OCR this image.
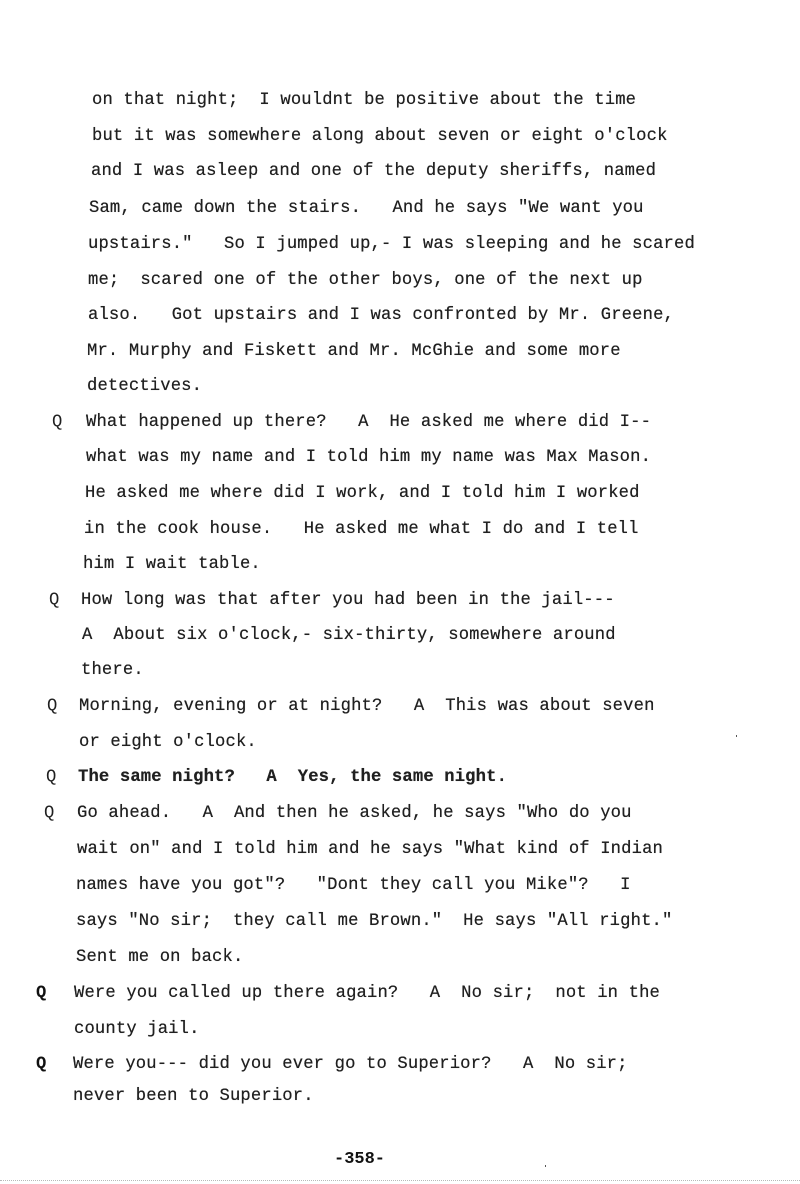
on that night;  I wouldnt be positive about the time
but it was somewhere along about seven or eight o'clock
and I was asleep and one of the deputy sheriffs, named
Sam, came down the stairs.   And he says "We want you
upstairs."   So I jumped up,- I was sleeping and he scared
me;  scared one of the other boys, one of the next up
also.   Got upstairs and I was confronted by Mr. Greene,
Mr. Murphy and Fiskett and Mr. McGhie and some more
detectives.
Q What happened up there?   A  He asked me where did I--
what was my name and I told him my name was Max Mason.
He asked me where did I work, and I told him I worked
in the cook house.   He asked me what I do and I tell
him I wait table.
Q How long was that after you had been in the jail---
A  About six o'clock,- six-thirty, somewhere around
there.
Q Morning, evening or at night?   A  This was about seven
or eight o'clock.
Q The same night?   A  Yes, the same night.
Q Go ahead.   A  And then he asked, he says "Who do you
wait on" and I told him and he says "What kind of Indian
names have you got"?   "Dont they call you Mike"?   I
says "No sir;  they call me Brown."  He says "All right."
Sent me on back.
Q Were you called up there again?   A  No sir;  not in the
county jail.
Q Were you--- did you ever go to Superior?   A  No sir;
never been to Superior.
-358-
